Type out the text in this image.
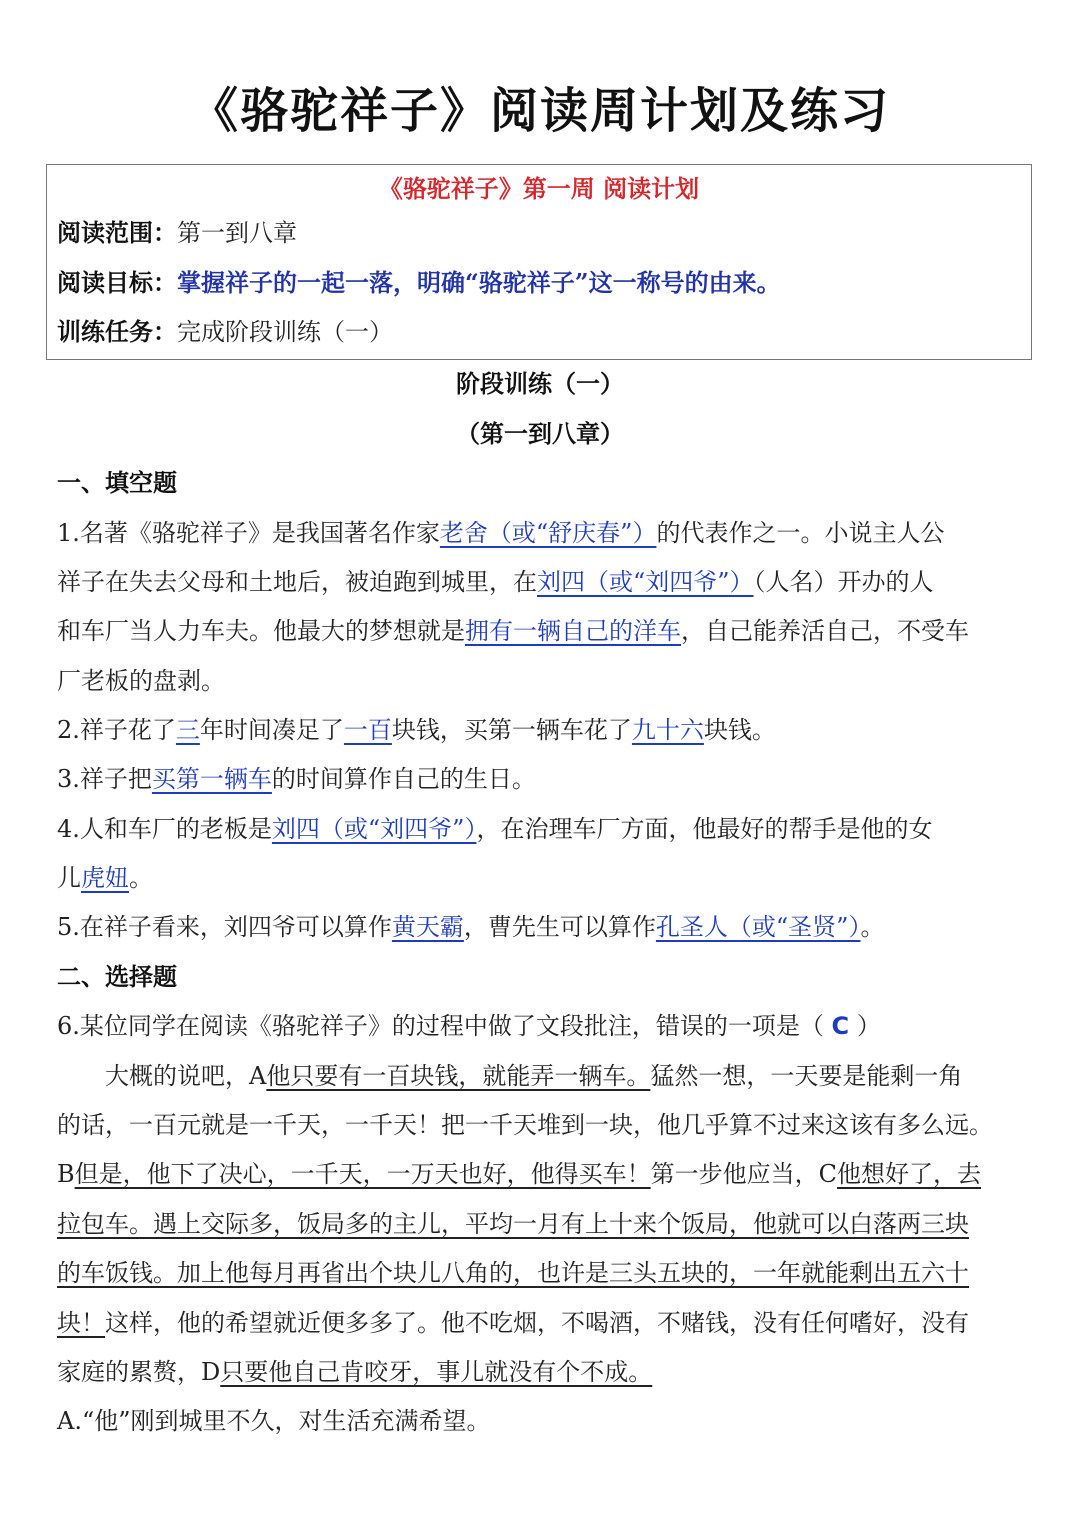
《骆驼祥子》阅读周计划及练习
《骆驼祥子》第一周 阅读计划
阅读范围：第一到八章
阅读目标：掌握祥子的一起一落，明确“骆驼祥子”这一称号的由来。
训练任务：完成阶段训练（一）
阶段训练（一）
（第一到八章）
一、填空题
1.名著《骆驼祥子》是我国著名作家老舍（或“舒庆春”）的代表作之一。小说主人公
祥子在失去父母和土地后，被迫跑到城里，在刘四（或“刘四爷”）（人名）开办的人
和车厂当人力车夫。他最大的梦想就是拥有一辆自己的洋车，自己能养活自己，不受车
厂老板的盘剥。
2.祥子花了三年时间凑足了一百块钱，买第一辆车花了九十六块钱。
3.祥子把买第一辆车的时间算作自己的生日。
4.人和车厂的老板是刘四（或“刘四爷”），在治理车厂方面，他最好的帮手是他的女
儿虎妞。
5.在祥子看来，刘四爷可以算作黄天霸，曹先生可以算作孔圣人（或“圣贤”）。
二、选择题
6.某位同学在阅读《骆驼祥子》的过程中做了文段批注，错误的一项是（ C ）
大概的说吧，A他只要有一百块钱，就能弄一辆车。猛然一想，一天要是能剩一角
的话，一百元就是一千天，一千天！把一千天堆到一块，他几乎算不过来这该有多么远。
B但是，他下了决心，一千天，一万天也好，他得买车！第一步他应当，C他想好了，去
拉包车。遇上交际多，饭局多的主儿，平均一月有上十来个饭局，他就可以白落两三块
的车饭钱。加上他每月再省出个块儿八角的，也许是三头五块的，一年就能剩出五六十
块！这样，他的希望就近便多多了。他不吃烟，不喝酒，不赌钱，没有任何嗜好，没有
家庭的累赘，D只要他自己肯咬牙，事儿就没有个不成。
A.“他”刚到城里不久，对生活充满希望。
